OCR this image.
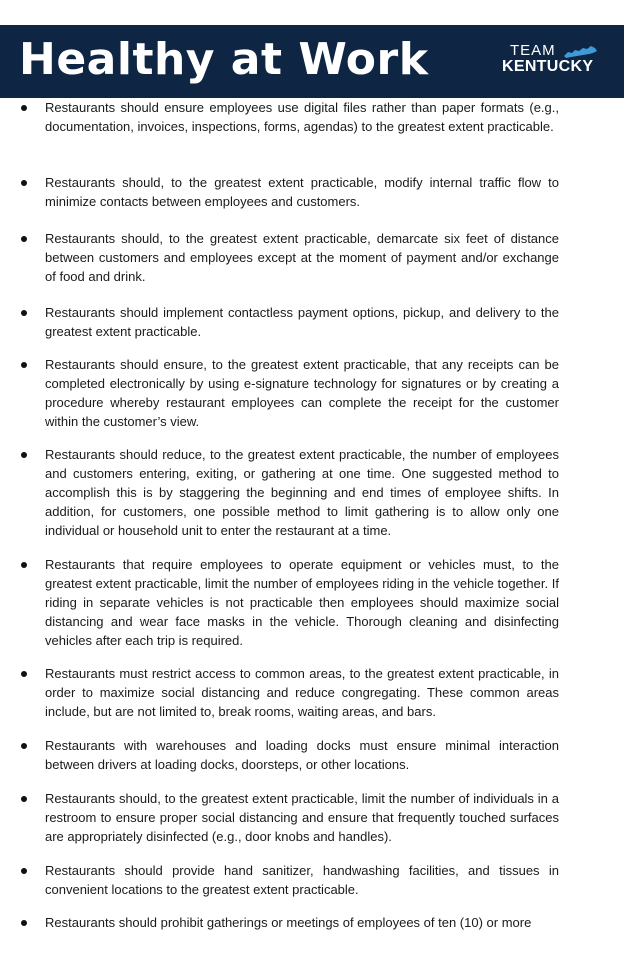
Healthy at Work	TEAM
KENTUCKY

Restaurants should ensure employees use digital files rather than paper formats (e.g., documentation, invoices, inspections, forms, agendas) to the greatest extent practicable.

Restaurants should, to the greatest extent practicable, modify internal traffic flow to minimize contacts between employees and customers.

Restaurants should, to the greatest extent practicable, demarcate six feet of distance between customers and employees except at the moment of payment and/or exchange of food and drink.

Restaurants should implement contactless payment options, pickup, and delivery to the greatest extent practicable.

Restaurants should ensure, to the greatest extent practicable, that any receipts can be completed electronically by using e-signature technology for signatures or by creating a procedure whereby restaurant employees can complete the receipt for the customer within the customer’s view.

Restaurants should reduce, to the greatest extent practicable, the number of employees and customers entering, exiting, or gathering at one time. One suggested method to accomplish this is by staggering the beginning and end times of employee shifts. In addition, for customers, one possible method to limit gathering is to allow only one individual or household unit to enter the restaurant at a time.

Restaurants that require employees to operate equipment or vehicles must, to the greatest extent practicable, limit the number of employees riding in the vehicle together. If riding in separate vehicles is not practicable then employees should maximize social distancing and wear face masks in the vehicle. Thorough cleaning and disinfecting vehicles after each trip is required.

Restaurants must restrict access to common areas, to the greatest extent practicable, in order to maximize social distancing and reduce congregating. These common areas include, but are not limited to, break rooms, waiting areas, and bars.

Restaurants with warehouses and loading docks must ensure minimal interaction between drivers at loading docks, doorsteps, or other locations.

Restaurants should, to the greatest extent practicable, limit the number of individuals in a restroom to ensure proper social distancing and ensure that frequently touched surfaces are appropriately disinfected (e.g., door knobs and handles).

Restaurants should provide hand sanitizer, handwashing facilities, and tissues in convenient locations to the greatest extent practicable.

Restaurants should prohibit gatherings or meetings of employees of ten (10) or more
